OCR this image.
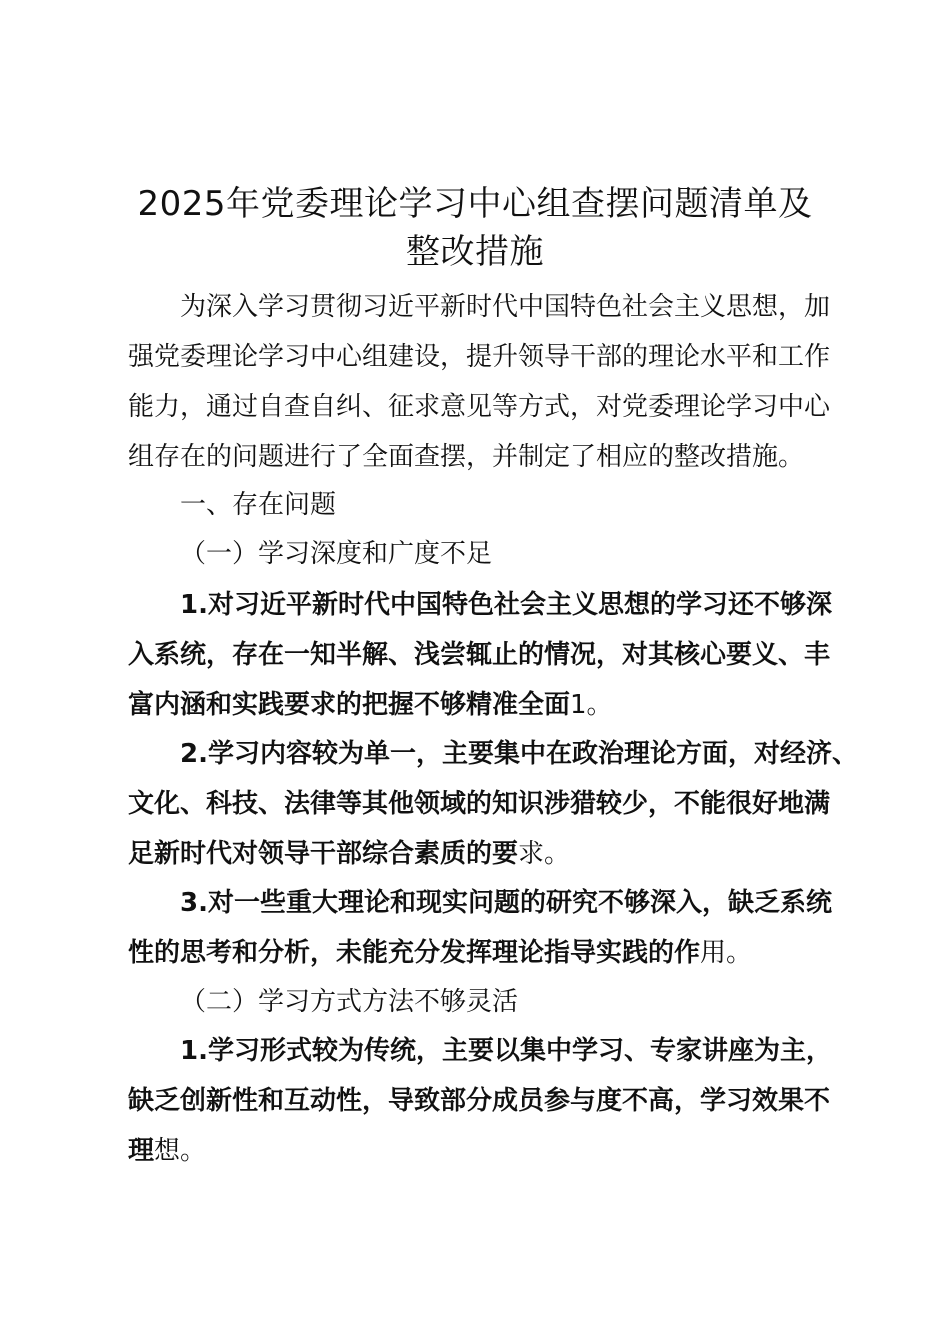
2025年党委理论学习中心组查摆问题清单及
整改措施
为深入学习贯彻习近平新时代中国特色社会主义思想，加
强党委理论学习中心组建设，提升领导干部的理论水平和工作
能力，通过自查自纠、征求意见等方式，对党委理论学习中心
组存在的问题进行了全面查摆，并制定了相应的整改措施。
一、存在问题
（一）学习深度和广度不足
1.对习近平新时代中国特色社会主义思想的学习还不够深
入系统，存在一知半解、浅尝辄止的情况，对其核心要义、丰
富内涵和实践要求的把握不够精准全面1。
2.学习内容较为单一，主要集中在政治理论方面，对经济、
文化、科技、法律等其他领域的知识涉猎较少，不能很好地满
足新时代对领导干部综合素质的要求。
3.对一些重大理论和现实问题的研究不够深入，缺乏系统
性的思考和分析，未能充分发挥理论指导实践的作用。
（二）学习方式方法不够灵活
1.学习形式较为传统，主要以集中学习、专家讲座为主，
缺乏创新性和互动性，导致部分成员参与度不高，学习效果不
理想。
